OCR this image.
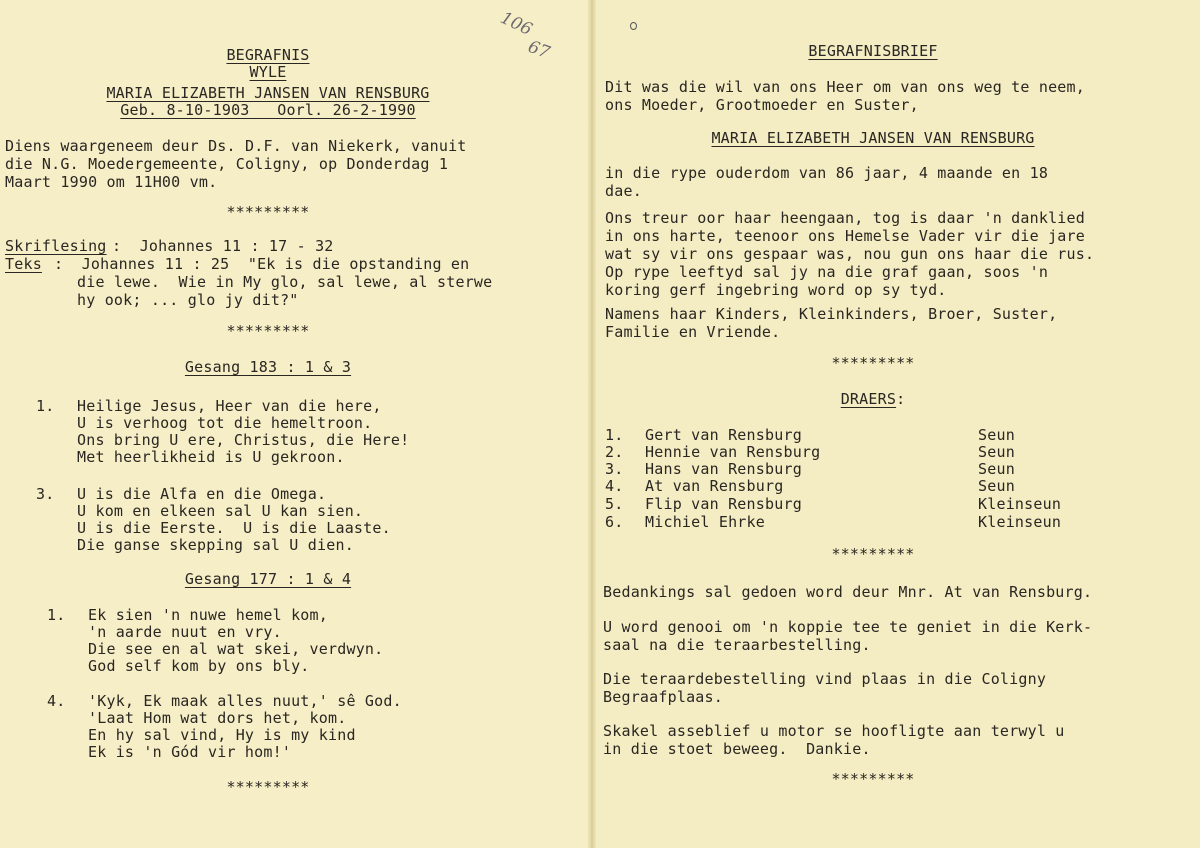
106
67
BEGRAFNIS
WYLE
MARIA ELIZABETH JANSEN VAN RENSBURG
Geb. 8-10-1903   Oorl. 26-2-1990
Diens waargeneem deur Ds. D.F. van Niekerk, vanuit
die N.G. Moedergemeente, Coligny, op Donderdag 1
Maart 1990 om 11H00 vm.
*********
Skriflesing :  Johannes 11 : 17 - 32
Teks :  Johannes 11 : 25  "Ek is die opstanding en
die lewe.  Wie in My glo, sal lewe, al sterwe
hy ook; ... glo jy dit?"
*********
Gesang 183 : 1 & 3
1. Heilige Jesus, Heer van die here,
U is verhoog tot die hemeltroon.
Ons bring U ere, Christus, die Here!
Met heerlikheid is U gekroon.
3. U is die Alfa en die Omega.
U kom en elkeen sal U kan sien.
U is die Eerste.  U is die Laaste.
Die ganse skepping sal U dien.
Gesang 177 : 1 & 4
1. Ek sien 'n nuwe hemel kom,
'n aarde nuut en vry.
Die see en al wat skei, verdwyn.
God self kom by ons bly.
4. 'Kyk, Ek maak alles nuut,' sê God.
'Laat Hom wat dors het, kom.
En hy sal vind, Hy is my kind
Ek is 'n Gód vir hom!'
*********
BEGRAFNISBRIEF
Dit was die wil van ons Heer om van ons weg te neem,
ons Moeder, Grootmoeder en Suster,
MARIA ELIZABETH JANSEN VAN RENSBURG
in die rype ouderdom van 86 jaar, 4 maande en 18
dae.
Ons treur oor haar heengaan, tog is daar 'n danklied
in ons harte, teenoor ons Hemelse Vader vir die jare
wat sy vir ons gespaar was, nou gun ons haar die rus.
Op rype leeftyd sal jy na die graf gaan, soos 'n
koring gerf ingebring word op sy tyd.
Namens haar Kinders, Kleinkinders, Broer, Suster,
Familie en Vriende.
*********
DRAERS:
1. Gert van Rensburg	Seun
2. Hennie van Rensburg	Seun
3. Hans van Rensburg	Seun
4. At van Rensburg	Seun
5. Flip van Rensburg	Kleinseun
6. Michiel Ehrke	Kleinseun
*********
Bedankings sal gedoen word deur Mnr. At van Rensburg.
U word genooi om 'n koppie tee te geniet in die Kerk-
saal na die teraarbestelling.
Die teraardebestelling vind plaas in die Coligny
Begraafplaas.
Skakel asseblief u motor se hoofligte aan terwyl u
in die stoet beweeg.  Dankie.
*********
